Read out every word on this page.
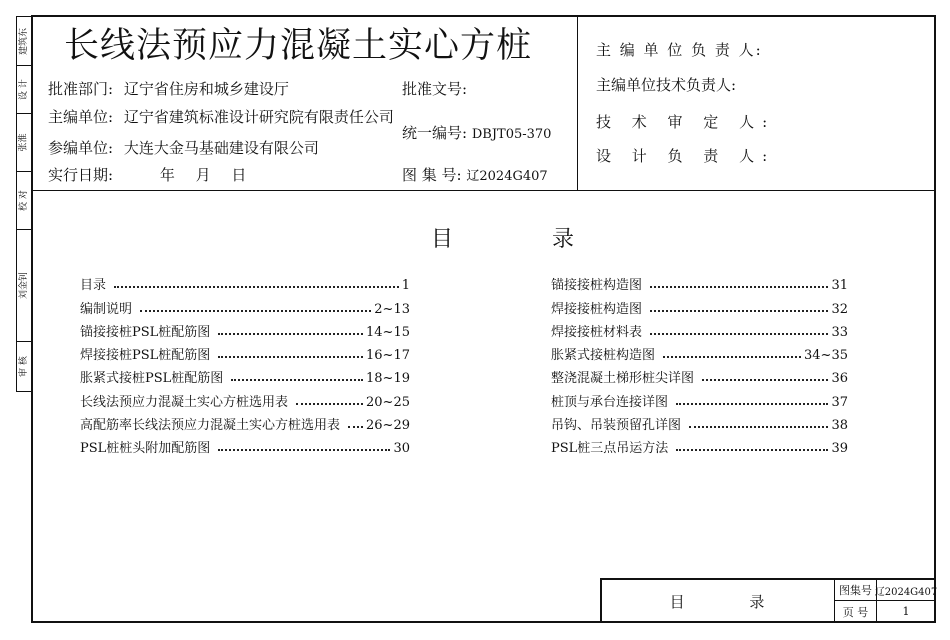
建筑东
设 计
张淮
校 对
刘金钊
审 核
长线法预应力混凝土实心方桩
批准部门: 辽宁省住房和城乡建设厅
主编单位: 辽宁省建筑标准设计研究院有限责任公司
参编单位: 大连大金马基础建设有限公司
实行日期:	年 月 日
批准文号:
统一编号: DBJT05-370
图 集 号: 辽2024G407
主 编 单 位 负 责 人:
主编单位技术负责人:
技 术 审 定 人:
设 计 负 责 人:
目 录
目录	1
编制说明	2~13
锚接接桩PSL桩配筋图	14~15
焊接接桩PSL桩配筋图	16~17
胀紧式接桩PSL桩配筋图	18~19
长线法预应力混凝土实心方桩选用表	20~25
高配筋率长线法预应力混凝土实心方桩选用表 26~29
PSL桩桩头附加配筋图	30
锚接接桩构造图	31
焊接接桩构造图	32
焊接接桩材料表	33
胀紧式接桩构造图	34~35
整浇混凝土梯形桩尖详图	36
桩顶与承台连接详图	37
吊钩、吊装预留孔详图	38
PSL桩三点吊运方法	39
目 录
图集号 辽2024G407
页 号	1
